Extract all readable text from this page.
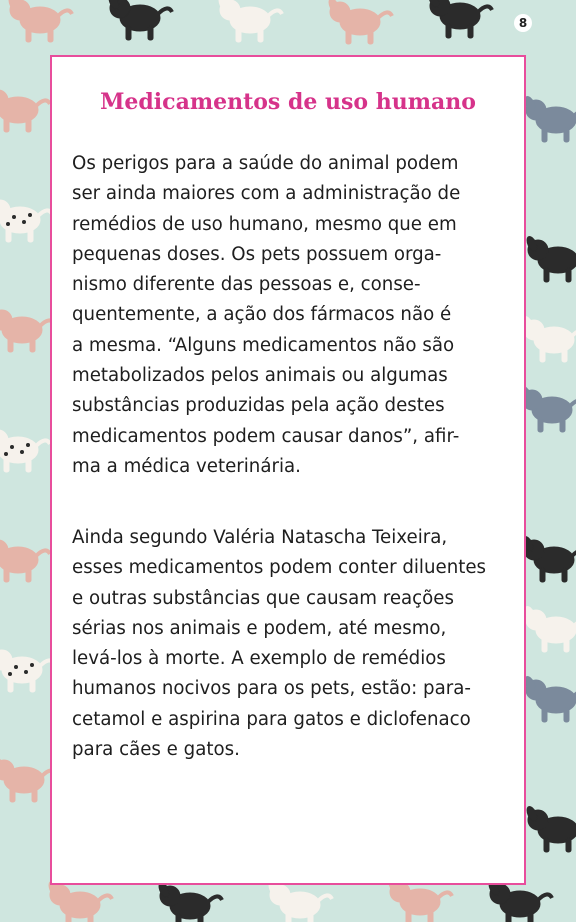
8
Medicamentos de uso humano

Os perigos para a saúde do animal podem
ser ainda maiores com a administração de
remédios de uso humano, mesmo que em
pequenas doses. Os pets possuem orga-
nismo diferente das pessoas e, conse-
quentemente, a ação dos fármacos não é
a mesma. “Alguns medicamentos não são
metabolizados pelos animais ou algumas
substâncias produzidas pela ação destes
medicamentos podem causar danos”, afir-
ma a médica veterinária.

Ainda segundo Valéria Natascha Teixeira,
esses medicamentos podem conter diluentes
e outras substâncias que causam reações
sérias nos animais e podem, até mesmo,
levá-los à morte. A exemplo de remédios
humanos nocivos para os pets, estão: para-
cetamol e aspirina para gatos e diclofenaco
para cães e gatos.
